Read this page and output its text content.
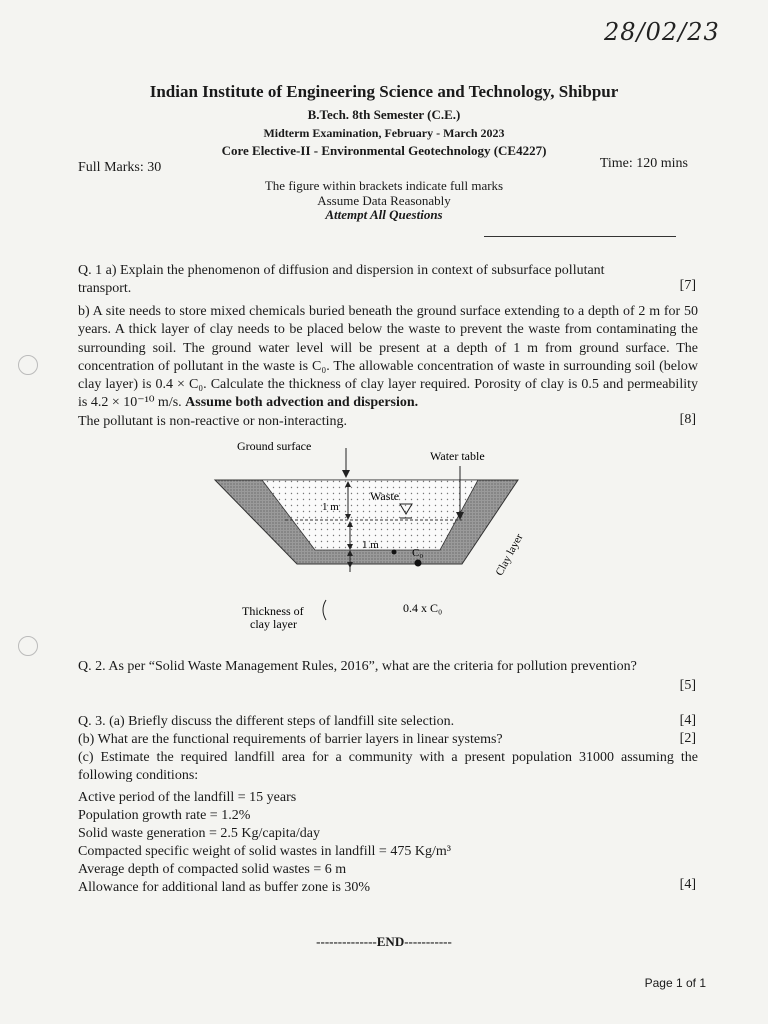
28/02/23
Indian Institute of Engineering Science and Technology, Shibpur
B.Tech. 8th Semester (C.E.)
Midterm Examination, February - March 2023
Core Elective-II - Environmental Geotechnology (CE4227)
Full Marks: 30	Time: 120 mins
The figure within brackets indicate full marks
Assume Data Reasonably
Attempt All Questions
Q. 1 a) Explain the phenomenon of diffusion and dispersion in context of subsurface pollutant
transport.	[7]
b) A site needs to store mixed chemicals buried beneath the ground surface extending to a depth of 2 m for 50 years. A thick layer of clay needs to be placed below the waste to prevent the waste from contaminating the surrounding soil. The ground water level will be present at a depth of 1 m from ground surface. The concentration of pollutant in the waste is C₀. The allowable concentration of waste in surrounding soil (below clay layer) is 0.4 × C₀. Calculate the thickness of clay layer required. Porosity of clay is 0.5 and permeability is 4.2 × 10⁻¹⁰ m/s. Assume both advection and dispersion.
The pollutant is non-reactive or non-interacting.	[8]
Ground surface
Water table
Waste
1 m
1 m
C₀	Clay layer
Thickness of
clay layer
0.4 x C₀
Q. 2. As per “Solid Waste Management Rules, 2016”, what are the criteria for pollution prevention?
[5]
Q. 3. (a) Briefly discuss the different steps of landfill site selection.	[4]
(b) What are the functional requirements of barrier layers in linear systems?	[2]
(c) Estimate the required landfill area for a community with a present population 31000 assuming the following conditions:
Active period of the landfill = 15 years
Population growth rate = 1.2%
Solid waste generation = 2.5 Kg/capita/day
Compacted specific weight of solid wastes in landfill = 475 Kg/m³
Average depth of compacted solid wastes = 6 m
Allowance for additional land as buffer zone is 30%	[4]
--------------END-----------
Page 1 of 1
